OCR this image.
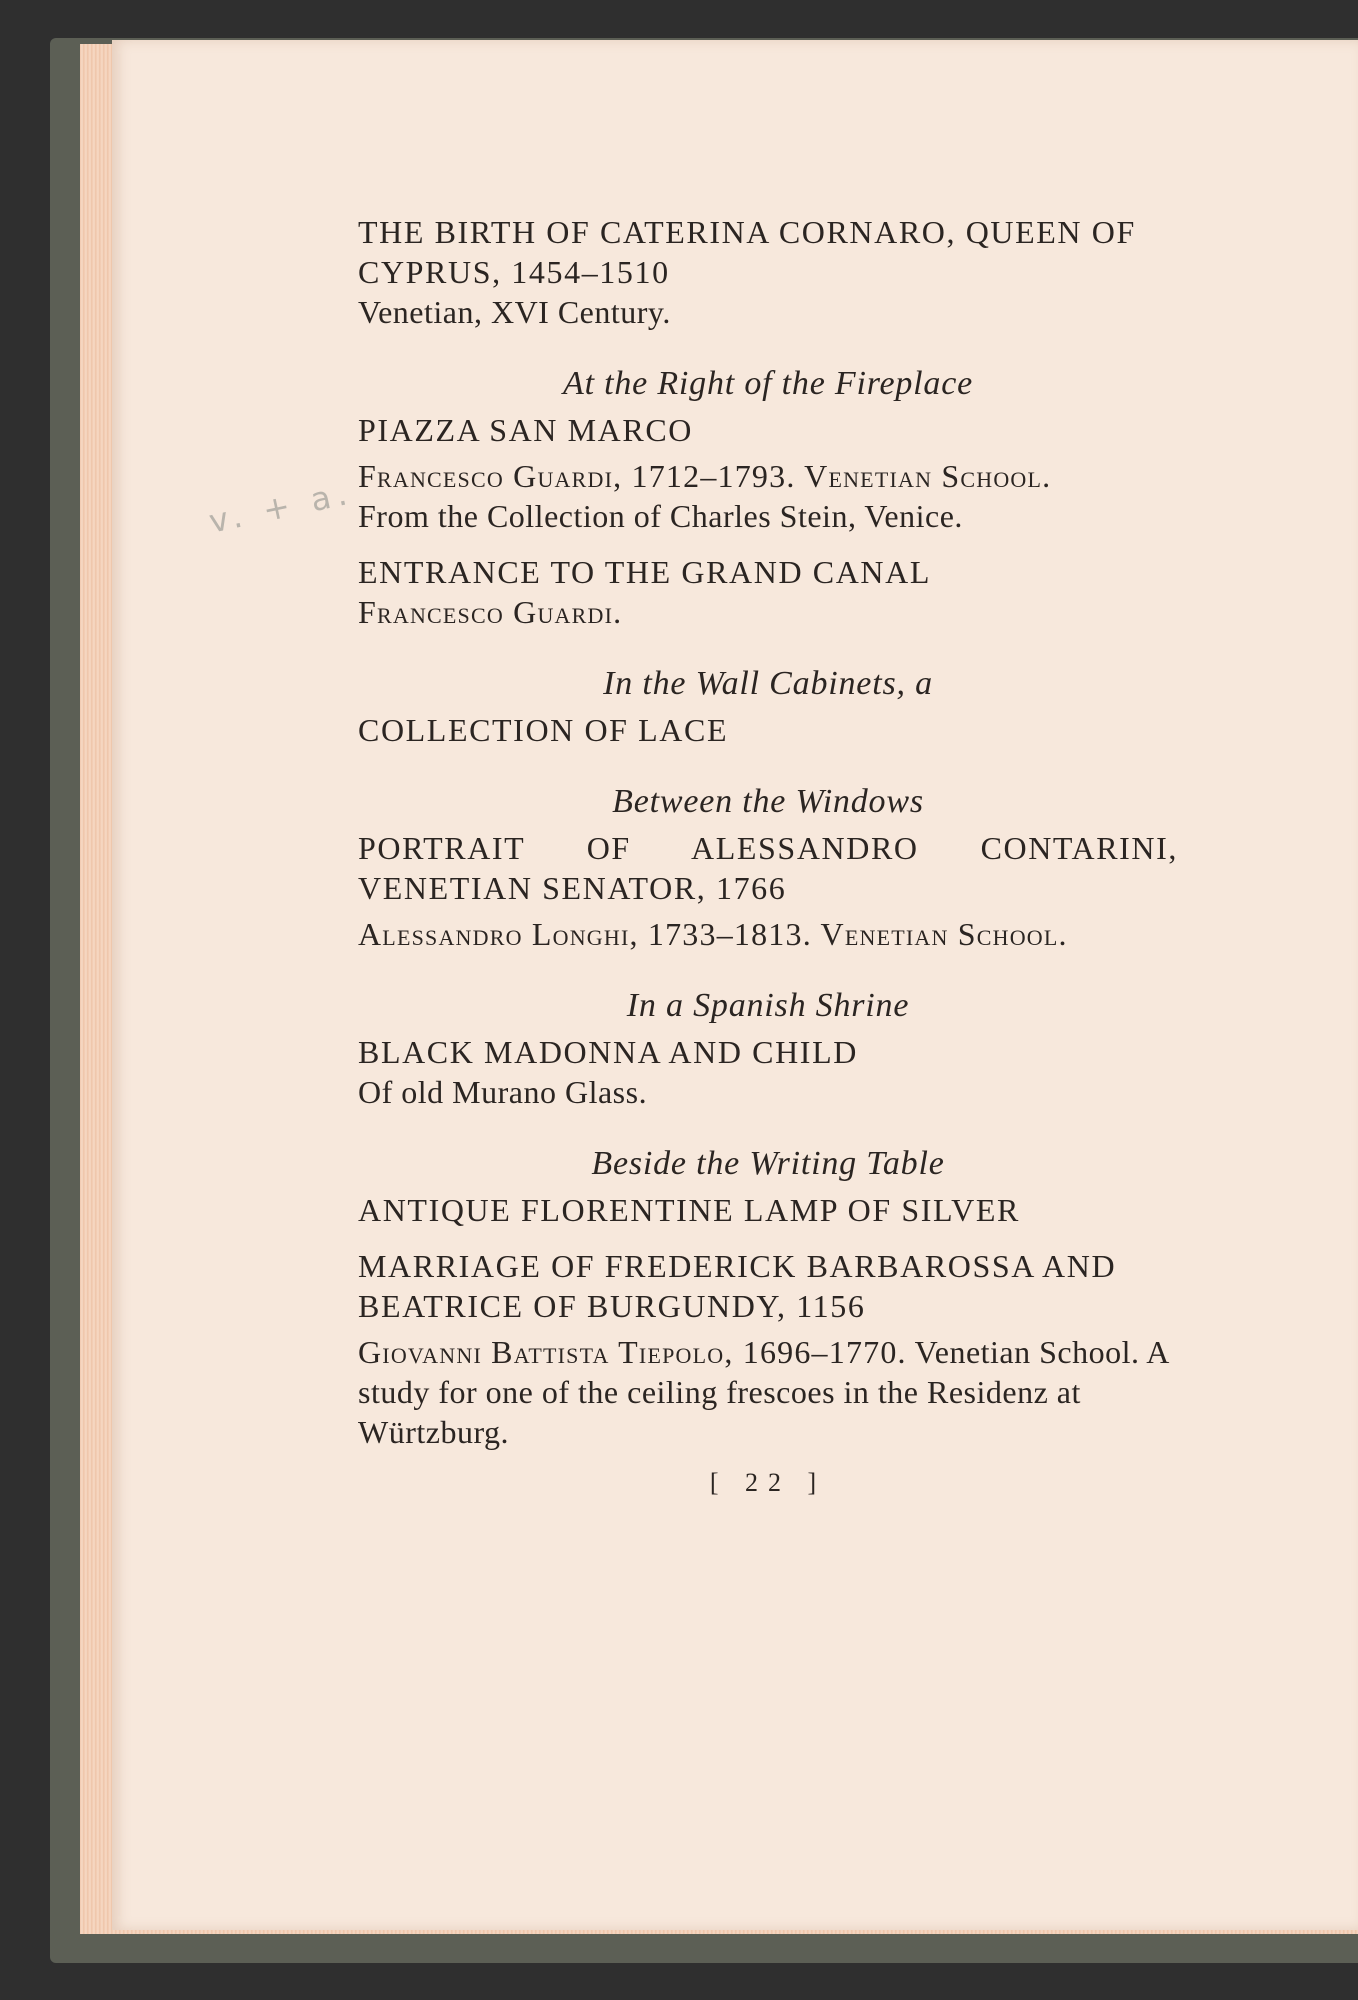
v. + a.

THE BIRTH OF CATERINA CORNARO, QUEEN OF CYPRUS, 1454–1510

Venetian, XVI Century.

At the Right of the Fireplace

PIAZZA SAN MARCO

Francesco Guardi, 1712–1793. Venetian School.

From the Collection of Charles Stein, Venice.

ENTRANCE TO THE GRAND CANAL

Francesco Guardi.

In the Wall Cabinets, a

COLLECTION OF LACE

Between the Windows

PORTRAIT OF ALESSANDRO CONTARINI, VENETIAN SENATOR, 1766

Alessandro Longhi, 1733–1813. Venetian School.

In a Spanish Shrine

BLACK MADONNA AND CHILD

Of old Murano Glass.

Beside the Writing Table

ANTIQUE FLORENTINE LAMP OF SILVER

MARRIAGE OF FREDERICK BARBAROSSA AND BEATRICE OF BURGUNDY, 1156

Giovanni Battista Tiepolo, 1696–1770. Venetian School. A study for one of the ceiling frescoes in the Residenz at Würtzburg.

[ 22 ]
